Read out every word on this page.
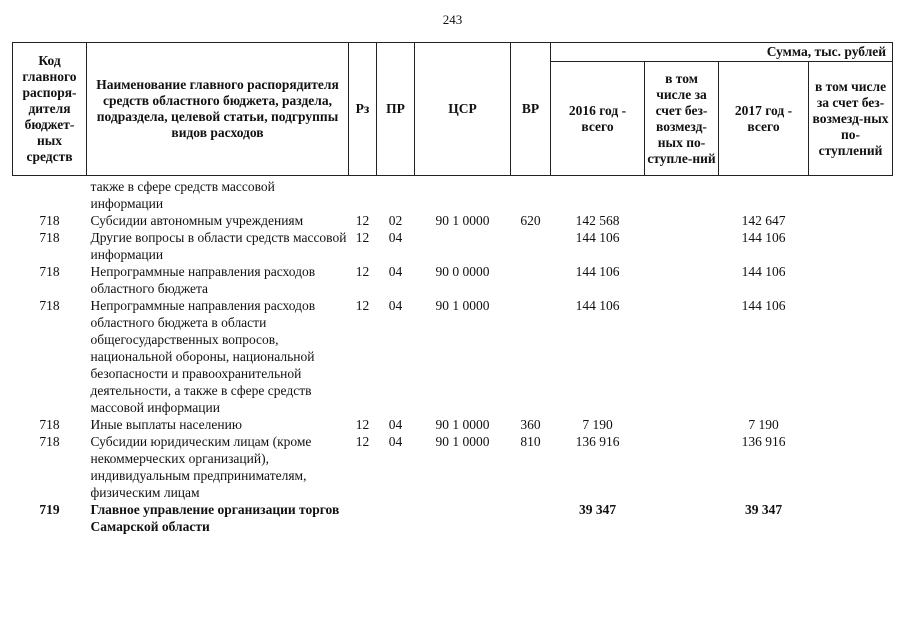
243
Код главного распоря-дителя бюджет-ных средств	Наименование главного распорядителя средств областного бюджета, раздела, подраздела, целевой статьи, подгруппы видов расходов	Рз	ПР	ЦСР	ВР	Сумма, тыс. рублей			
						2016 год - всего	в том числе за счет без-возмезд-ных по-ступле-ний	2017 год - всего	в том числе за счет без-возмезд-ных по-ступлений
	также в сфере средств массовой информации								
718	Субсидии автономным учреждениям	12	02	90 1 0000	620	142 568		142 647	
718	Другие вопросы в области средств массовой информации	12	04			144 106		144 106	
718	Непрограммные направления расходов областного бюджета	12	04	90 0 0000		144 106		144 106	
718	Непрограммные направления расходов областного бюджета в области общегосударственных вопросов, национальной обороны, национальной безопасности и правоохранительной деятельности, а также в сфере средств массовой информации	12	04	90 1 0000		144 106		144 106	
718	Иные выплаты населению	12	04	90 1 0000	360	7 190		7 190	
718	Субсидии юридическим лицам (кроме некоммерческих организаций), индивидуальным предпринимателям, физическим лицам	12	04	90 1 0000	810	136 916		136 916	
719	Главное управление организации торгов Самарской области					39 347		39 347	
